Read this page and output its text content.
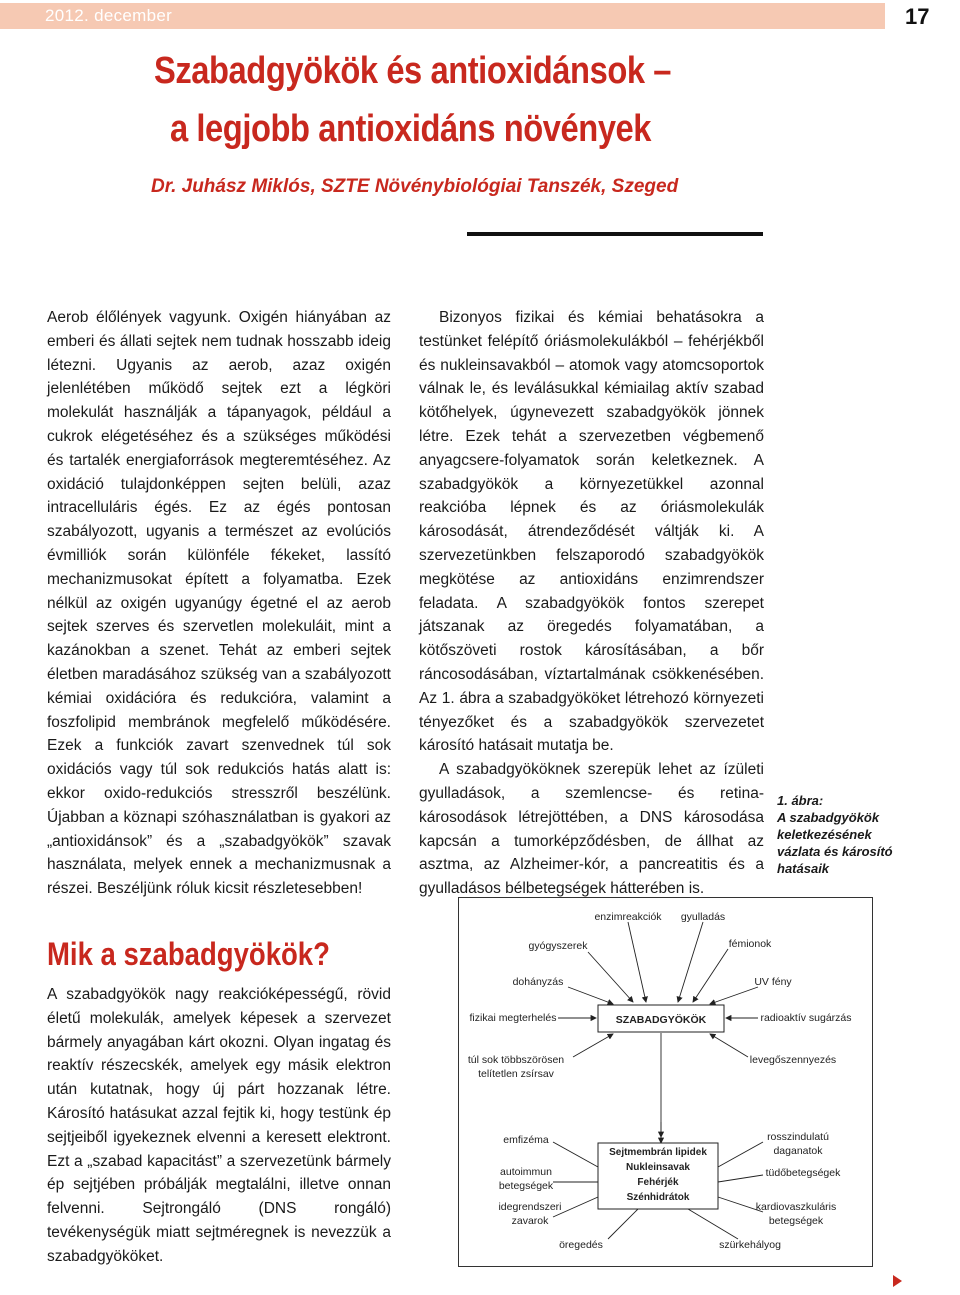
2012. december	17
Szabadgyökök és antioxidánsok –
a legjobb antioxidáns növények
Dr. Juhász Miklós, SZTE Növénybiológiai Tanszék, Szeged

Aerob élőlények vagyunk. Oxigén hiányában az emberi és állati sejtek nem tudnak hosszabb ideig létezni. Ugyanis az aerob, azaz oxigén jelenlétében működő sejtek ezt a légköri molekulát használják a tápanyagok, például a cukrok elégetéséhez és a szükséges működési és tartalék energiaforrások megteremtéséhez. Az oxidáció tulajdonképpen sejten belüli, azaz intracelluláris égés. Ez az égés pontosan szabályozott, ugyanis a természet az evolúciós évmilliók során különféle fékeket, lassító mechanizmusokat épített a folyamatba. Ezek nélkül az oxigén ugyanúgy égetné el az aerob sejtek szerves és szervetlen molekuláit, mint a kazánokban a szenet. Tehát az emberi sejtek életben maradásához szükség van a szabályozott kémiai oxidációra és redukcióra, valamint a foszfolipid membránok megfelelő működésére. Ezek a funkciók zavart szenvednek túl sok oxidációs vagy túl sok redukciós hatás alatt is: ekkor oxido-redukciós stresszről beszélünk. Újabban a köznapi szóhasználatban is gyakori az „antioxidánsok” és a „szabadgyökök” szavak használata, melyek ennek a mechanizmusnak a részei. Beszéljünk róluk kicsit részletesebben!

Mik a szabadgyökök?

A szabadgyökök nagy reakcióképességű, rövid életű molekulák, amelyek képesek a szervezet bármely anyagában kárt okozni. Olyan ingatag és reaktív részecskék, amelyek egy másik elektron után kutatnak, hogy új párt hozzanak létre. Károsító hatásukat azzal fejtik ki, hogy testünk ép sejtjeiből igyekeznek elvenni a keresett elektront. Ezt a „szabad kapacitást” a szervezetünk bármely ép sejtjében próbálják megtalálni, illetve onnan felvenni. Sejtrongáló (DNS rongáló) tevékenységük miatt sejtméregnek is nevezzük a szabadgyököket.

Bizonyos fizikai és kémiai behatásokra a testünket felépítő óriásmolekulákból – fehérjékből és nukleinsavakból – atomok vagy atomcsoportok válnak le, és leválásukkal kémiailag aktív szabad kötőhelyek, úgynevezett szabadgyökök jönnek létre. Ezek tehát a szervezetben végbemenő anyagcsere-folyamatok során keletkeznek. A szabadgyökök a környezetükkel azonnal reakcióba lépnek és az óriásmolekulák károsodását, átrendeződését váltják ki. A szervezetünkben felszaporodó szabadgyökök megkötése az antioxidáns enzimrendszer feladata. A szabadgyökök fontos szerepet játszanak az öregedés folyamatában, a kötőszöveti rostok károsításában, a bőr ráncosodásában, víztartalmának csökkenésében. Az 1. ábra a szabadgyököket létrehozó környezeti tényezőket és a szabadgyökök szervezetet károsító hatásait mutatja be.

A szabadgyököknek szerepük lehet az ízületi gyulladások, a szemlencse- és retina-károsodások létrejöttében, a DNS károsodása kapcsán a tumorképződésben, de állhat az asztma, az Alzheimer-kór, a pancreatitis és a gyulladásos bélbetegségek hátterében is.

1. ábra:
A szabadgyökök keletkezésének vázlata és károsító hatásaik
SZABADGYÖKÖK
Sejtmembrán lipidek
Nukleinsavak
Fehérjék
Szénhidrátok
enzimreakciók gyulladás
gyógyszerek	fémionok
dohányzás	UV fény
fizikai megterhelés	radioaktív sugárzás
túl sok többszörösen
telítetlen zsírsav
levegőszennyezés
emfizéma	rosszindulatú
daganatok
autoimmun
betegségek
tüdőbetegségek
idegrendszeri
zavarok
kardiovaszkuláris
betegségek
öregedés	szürkehályog
